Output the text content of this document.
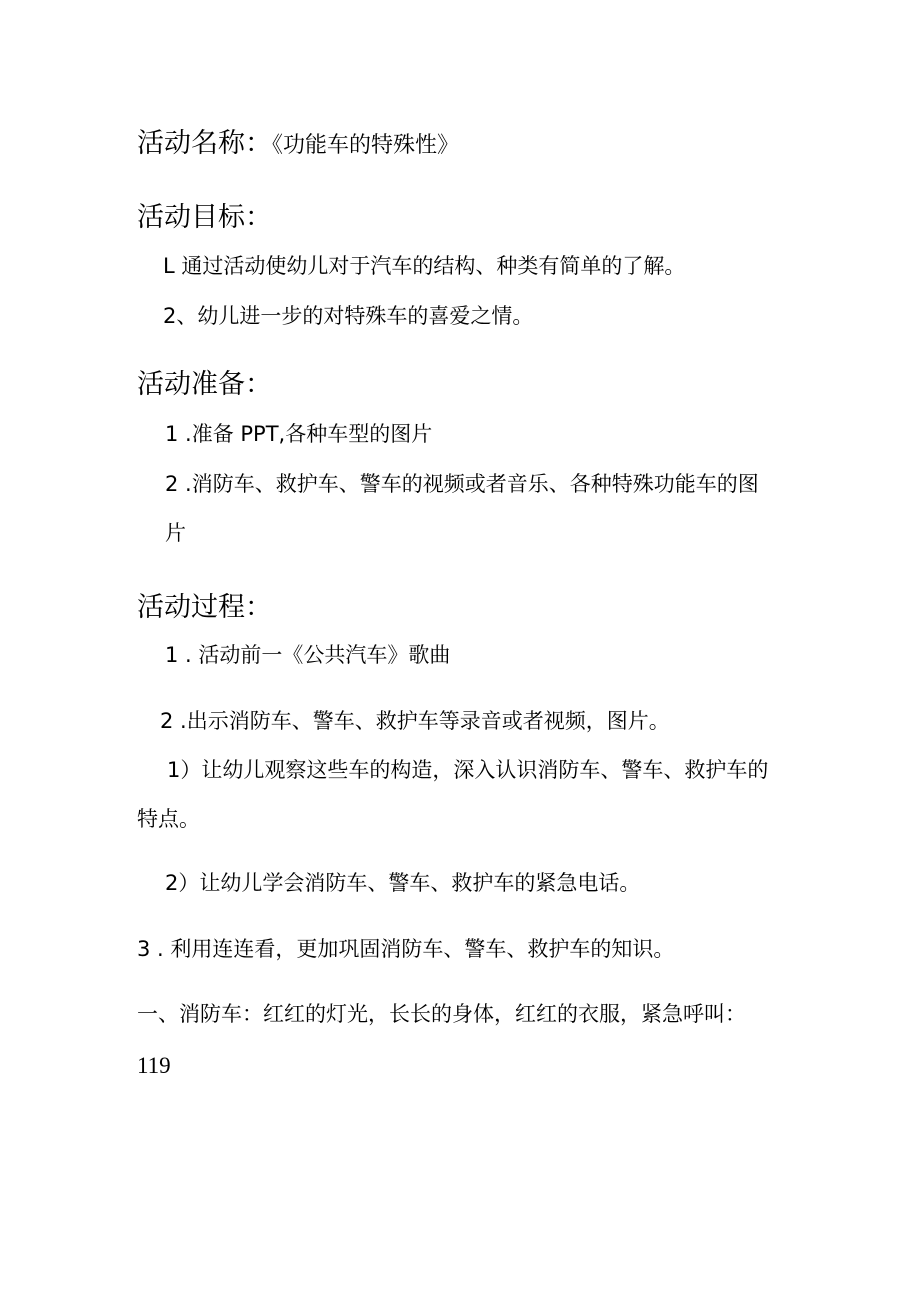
活动名称：《功能车的特殊性》
活动目标：
L 通过活动使幼儿对于汽车的结构、种类有简单的了解。
2、幼儿进一步的对特殊车的喜爱之情。
活动准备：
1 .准备 PPT,各种车型的图片
2 .消防车、救护车、警车的视频或者音乐、各种特殊功能车的图
片
活动过程：
1 . 活动前一《公共汽车》歌曲
2 .出示消防车、警车、救护车等录音或者视频，图片。
1）让幼儿观察这些车的构造，深入认识消防车、警车、救护车的
特点。
2）让幼儿学会消防车、警车、救护车的紧急电话。
3 . 利用连连看，更加巩固消防车、警车、救护车的知识。
一、消防车：红红的灯光，长长的身体，红红的衣服，紧急呼叫：
119
